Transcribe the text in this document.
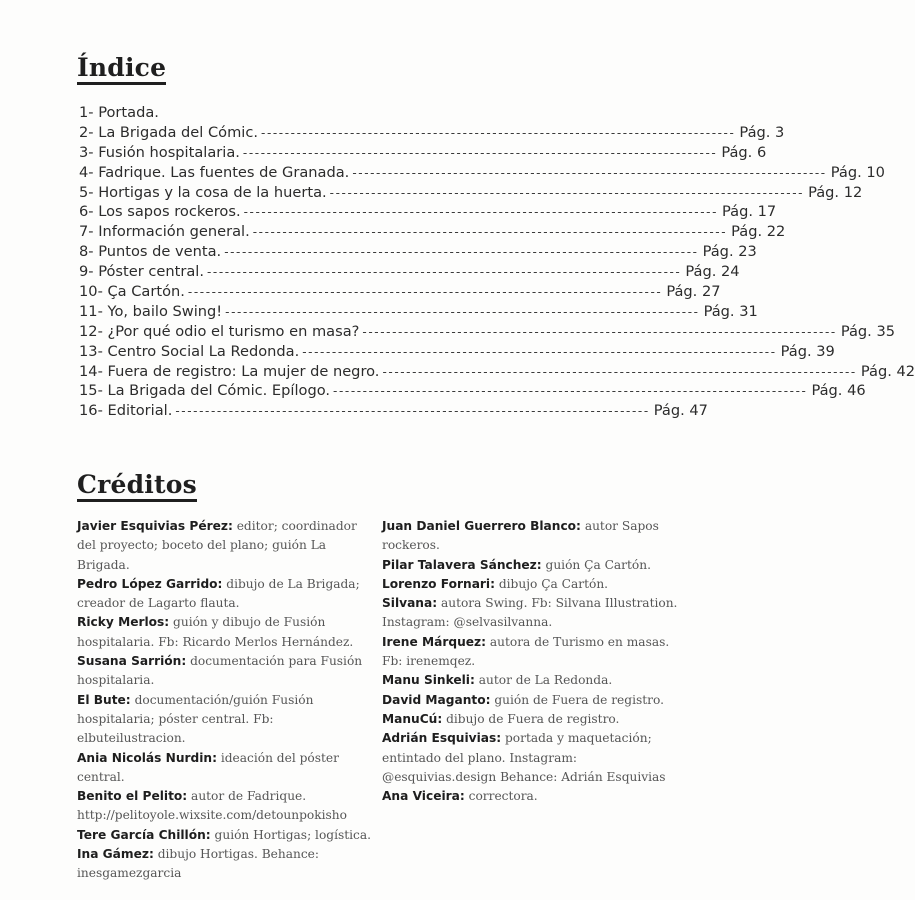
Índice
1- Portada.
2- La Brigada del Cómic. -------------------------------------------------------------------------------- Pág. 3
3- Fusión hospitalaria. -------------------------------------------------------------------------------- Pág. 6
4- Fadrique. Las fuentes de Granada. -------------------------------------------------------------------------------- Pág. 10
5- Hortigas y la cosa de la huerta. -------------------------------------------------------------------------------- Pág. 12
6- Los sapos rockeros. -------------------------------------------------------------------------------- Pág. 17
7- Información general. -------------------------------------------------------------------------------- Pág. 22
8- Puntos de venta. -------------------------------------------------------------------------------- Pág. 23
9- Póster central. -------------------------------------------------------------------------------- Pág. 24
10- Ça Cartón. -------------------------------------------------------------------------------- Pág. 27
11- Yo, bailo Swing! -------------------------------------------------------------------------------- Pág. 31
12- ¿Por qué odio el turismo en masa? -------------------------------------------------------------------------------- Pág. 35
13- Centro Social La Redonda. -------------------------------------------------------------------------------- Pág. 39
14- Fuera de registro: La mujer de negro. -------------------------------------------------------------------------------- Pág. 42
15- La Brigada del Cómic. Epílogo. -------------------------------------------------------------------------------- Pág. 46
16- Editorial. -------------------------------------------------------------------------------- Pág. 47
Créditos

Javier Esquivias Pérez: editor; coordinador del proyecto; boceto del plano; guión La Brigada.

Pedro López Garrido: dibujo de La Brigada; creador de Lagarto flauta.

Ricky Merlos: guión y dibujo de Fusión hospitalaria. Fb: Ricardo Merlos Hernández.

Susana Sarrión: documentación para Fusión hospitalaria.

El Bute: documentación/guión Fusión hospitalaria; póster central. Fb: elbuteilustracion.

Ania Nicolás Nurdin: ideación del póster central.

Benito el Pelito: autor de Fadrique. http://pelitoyole.wixsite.com/detounpokisho

Tere García Chillón: guión Hortigas; logística.

Ina Gámez: dibujo Hortigas. Behance: inesgamezgarcia

Juan Daniel Guerrero Blanco: autor Sapos rockeros.

Pilar Talavera Sánchez: guión Ça Cartón.

Lorenzo Fornari: dibujo Ça Cartón.

Silvana: autora Swing. Fb: Silvana Illustration. Instagram: @selvasilvanna.

Irene Márquez: autora de Turismo en masas. Fb: irenemqez.

Manu Sinkeli: autor de La Redonda.

David Maganto: guión de Fuera de registro.

ManuCú: dibujo de Fuera de registro.

Adrián Esquivias: portada y maquetación; entintado del plano. Instagram: @esquivias.design Behance: Adrián Esquivias

Ana Viceira: correctora.
